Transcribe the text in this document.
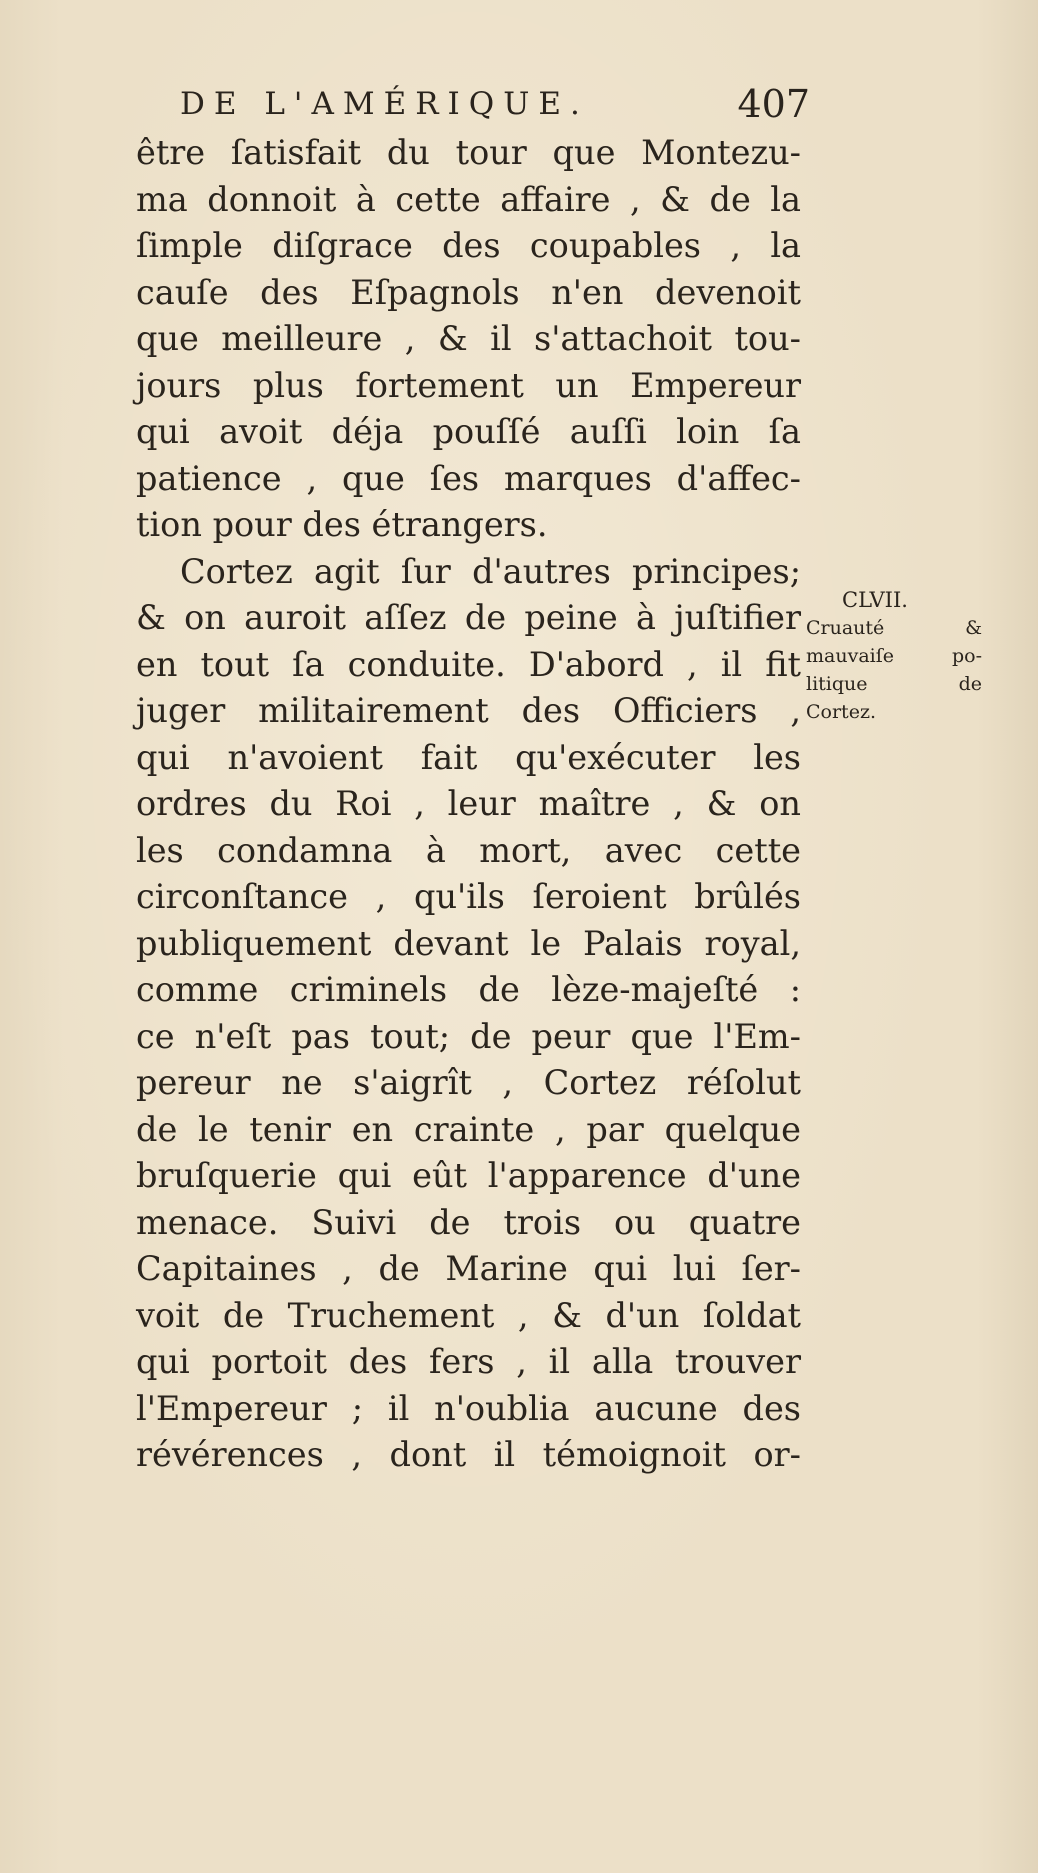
DE L'AMÉRIQUE.	407
être ſatisfait du tour que Montezu-
ma donnoit à cette affaire , & de la
ſimple diſgrace des coupables , la
cauſe des Eſpagnols n'en devenoit
que meilleure , & il s'attachoit tou-
jours plus fortement un Empereur
qui avoit déja pouſſé auſſi loin ſa
patience , que ſes marques d'affec-
tion pour des étrangers.
Cortez agit ſur d'autres principes;
& on auroit aſſez de peine à juſtifier
en tout ſa conduite. D'abord , il fit
juger militairement des Officiers ,
qui n'avoient fait qu'exécuter les
ordres du Roi , leur maître , & on
les condamna à mort, avec cette
circonſtance , qu'ils ſeroient brûlés
publiquement devant le Palais royal,
comme criminels de lèze-majeſté :
ce n'eſt pas tout; de peur que l'Em-
pereur ne s'aigrît , Cortez réſolut
de le tenir en crainte , par quelque
bruſquerie qui eût l'apparence d'une
menace. Suivi de trois ou quatre
Capitaines , de Marine qui lui ſer-
voit de Truchement , & d'un ſoldat
qui portoit des fers , il alla trouver
l'Empereur ; il n'oublia aucune des
révérences , dont il témoignoit or-
CLVII.
Cruauté &
mauvaiſe po-
litique de
Cortez.
